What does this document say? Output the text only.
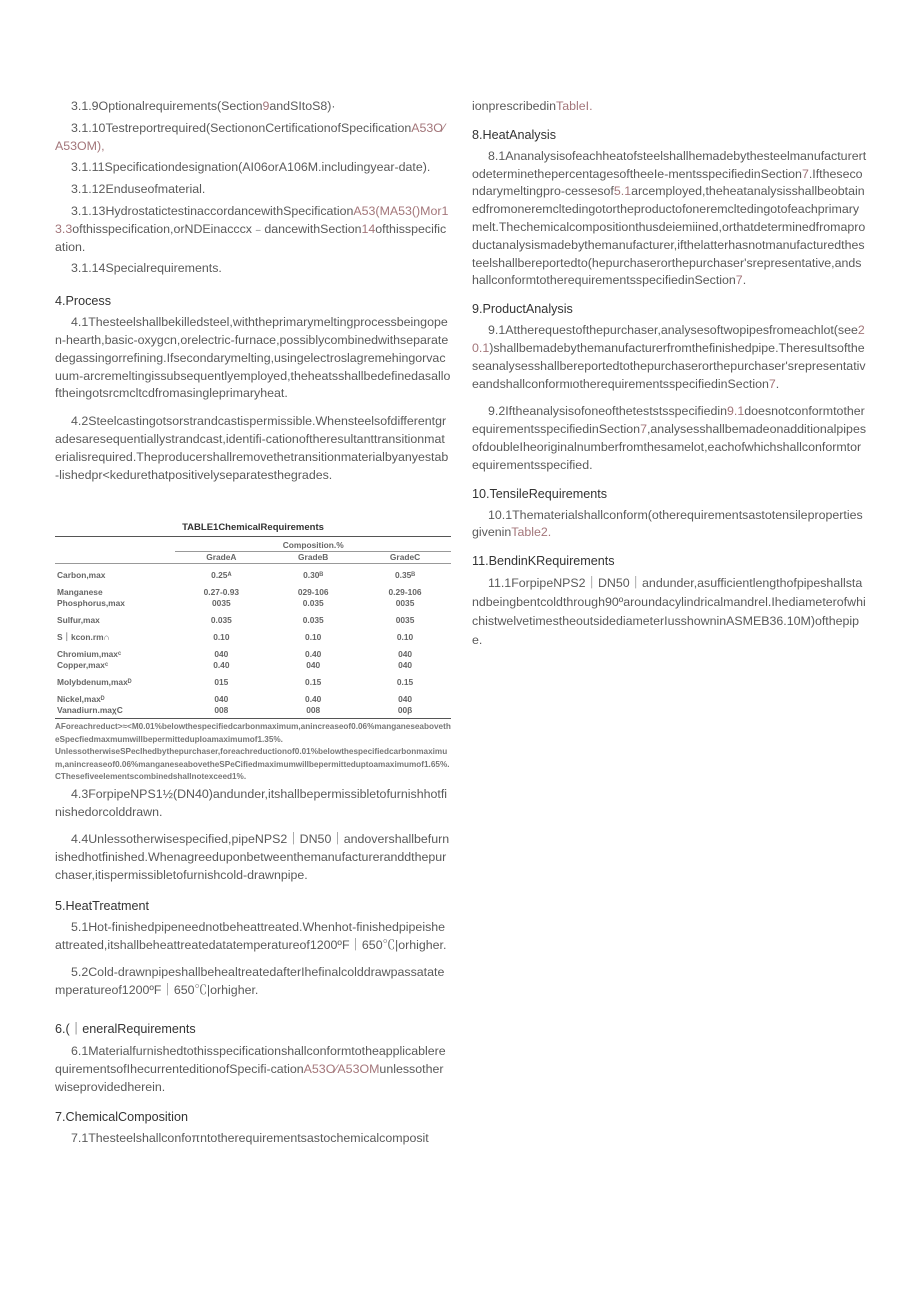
3.1.9Optionalrequirements(Section9andSItoS8)·

3.1.10Testreportrequired(SectiononCertificationofSpecificationA53O⁄A53OM),

3.1.11Specificationdesignation(AI06orA106M.includingyear-date).

3.1.12Enduseofmaterial.

3.1.13HydrostatictestinaccordancewithSpecificationA53(MA53()Mor13.3ofthisspecification,orNDEinacccx﹣dancewithSection14ofthisspecification.

3.1.14Specialrequirements.

4.Process

4.1Thesteelshallbekilledsteel,withtheprimarymeltingprocessbeingopen-hearth,basic-oxygcn,orelectric-furnace,possiblycombinedwithseparatedegassingorrefining.Ifsecondarymelting,usingelectroslagremehingorvacuum-arcremeltingissubsequentlyemployed,theheatsshallbedefinedasalloftheingotsrcmcltcdfromasingleprimaryheat.

4.2Steelcastingotsorstrandcastispermissible.Whensteelsofdifferentgradesaresequentiallystrandcast,identifi-cationoftheresultanttransitionmaterialisrequired.Theproducershallremovethetransitionmaterialbyanyestab-lishedpr<kedurethatpositivelyseparatesthegrades.

TABLE1ChemicalRequirements
	Composition.%		
	GradeA	GradeB	GradeC
Carbon,max	0.25ᴬ	0.30ᴮ	0.35ᴮ
Manganese	0.27-0.93	029-106	0.29-106
Phosphorus,max	0035	0.035	0035
Sulfur,max	0.035	0.035	0035
S｜kcon.rm∩	0.10	0.10	0.10
Chromium,maxᶜ	040	0.40	040
Copper,maxᶜ	0.40	040	040
Molybdenum,maxᴰ	015	0.15	0.15
Nickel,maxᴰ	040	0.40	040
Vanadiurn.maχC	008	008	00β

AForeachreduct>≈<M0.01%belowthespecifiedcarbonmaximum,anincreaseof0.06%manganeseabovetheSpecfiedmaxmumwillbepermittedupIoamaximumof1.35%.

UnlessotherwiseSPecIhedbythepurchaser,foreachreductionof0.01%belowthespecifiedcarbonmaximum,anincreaseof0.06%manganeseabovetheSPeCifiedmaximumwillbepermitteduptoamaximumof1.65%.

CThesefiveelementscombinedshallnotexceed1%.

4.3ForpipeNPS1½(DN40)andunder,itshallbepermissibletofurnishhotfinishedorcolddrawn.

4.4Unlessotherwisespecified,pipeNPS2｜DN50｜andovershallbefurnishedhotfinished.Whenagreeduponbetweenthemanufactureranddthepurchaser,itispermissibletofurnishcold-drawnpipe.

5.HeatTreatment

5.1Hot-finishedpipeneednotbeheattreated.Whenhot-finishedpipeisheattreated,itshallbeheattreatedatatemperatureof1200ºF｜650℃|orhigher.

5.2Cold-drawnpipeshallbehealtreatedafterIhefinalcolddrawpassatatemperatureof1200ºF｜650℃|orhigher.

6.(｜eneralRequirements

6.1MaterialfurnishedtothisspecificationshallconformtotheapplicablerequirementsofIhecurrenteditionofSpecifi-cationA53O⁄A53OMunlessotherwiseprovidedherein.

7.ChemicalComposition

7.1Thesteelshallconfoπntotherequirementsastochemicalcomposit

ionprescribedinTableI.

8.HeatAnalysis

8.1AnanalysisofeachheatofsteelshallhemadebythesteelmanufacturertodeterminethepercentagesoftheeIe-mentsspecifiedinSection7.Ifthesecondarymeltingpro-cessesof5.1arcemployed,theheatanalysisshallbeobtainedfromoneremcltedingotortheproductofoneremcltedingotofeachprimarymelt.Thechemicalcompositionthusdeiemiined,orthatdeterminedfromaproductanalysismadebythemanufacturer,ifthelatterhasnotmanufacturedthesteelshallbereportedto(hepurchaserorthepurchaser'srepresentative,andshallconformtotherequirementsspecifiedinSection7.

9.ProductAnalysis

9.1Attherequestofthepurchaser,analysesoftwopipesfromeachlot(see20.1)shallbemadebythemanufacturerfromthefinishedpipe.TheresuItsoftheseanalysesshallbereportedtothepurchaserorthepurchaser'srepresentativeandshallconformιotherequirementsspecifiedinSection7.

9.2Iftheanalysisofoneoftheteststsspecifiedin9.1doesnotconformtotherequirementsspecifiedinSection7,analysesshallbemadeonadditionalpipesofdoubleIheoriginalnumberfromthesamelot,eachofwhichshallconformtorequirementsspecified.

10.TensileRequirements

10.1Thematerialshallconform(otherequirementsastotensilepropertiesgiveninTable2.

11.BendinKRequirements

11.1ForpipeNPS2｜DN50｜andunder,asufficientlengthofpipeshallstandbeingbentcoldthrough90ºaroundacylindricalmandrel.IhediameterofwhichistwelvetimestheoutsidediameterIusshowninASMEB36.10M)ofthepipe.
